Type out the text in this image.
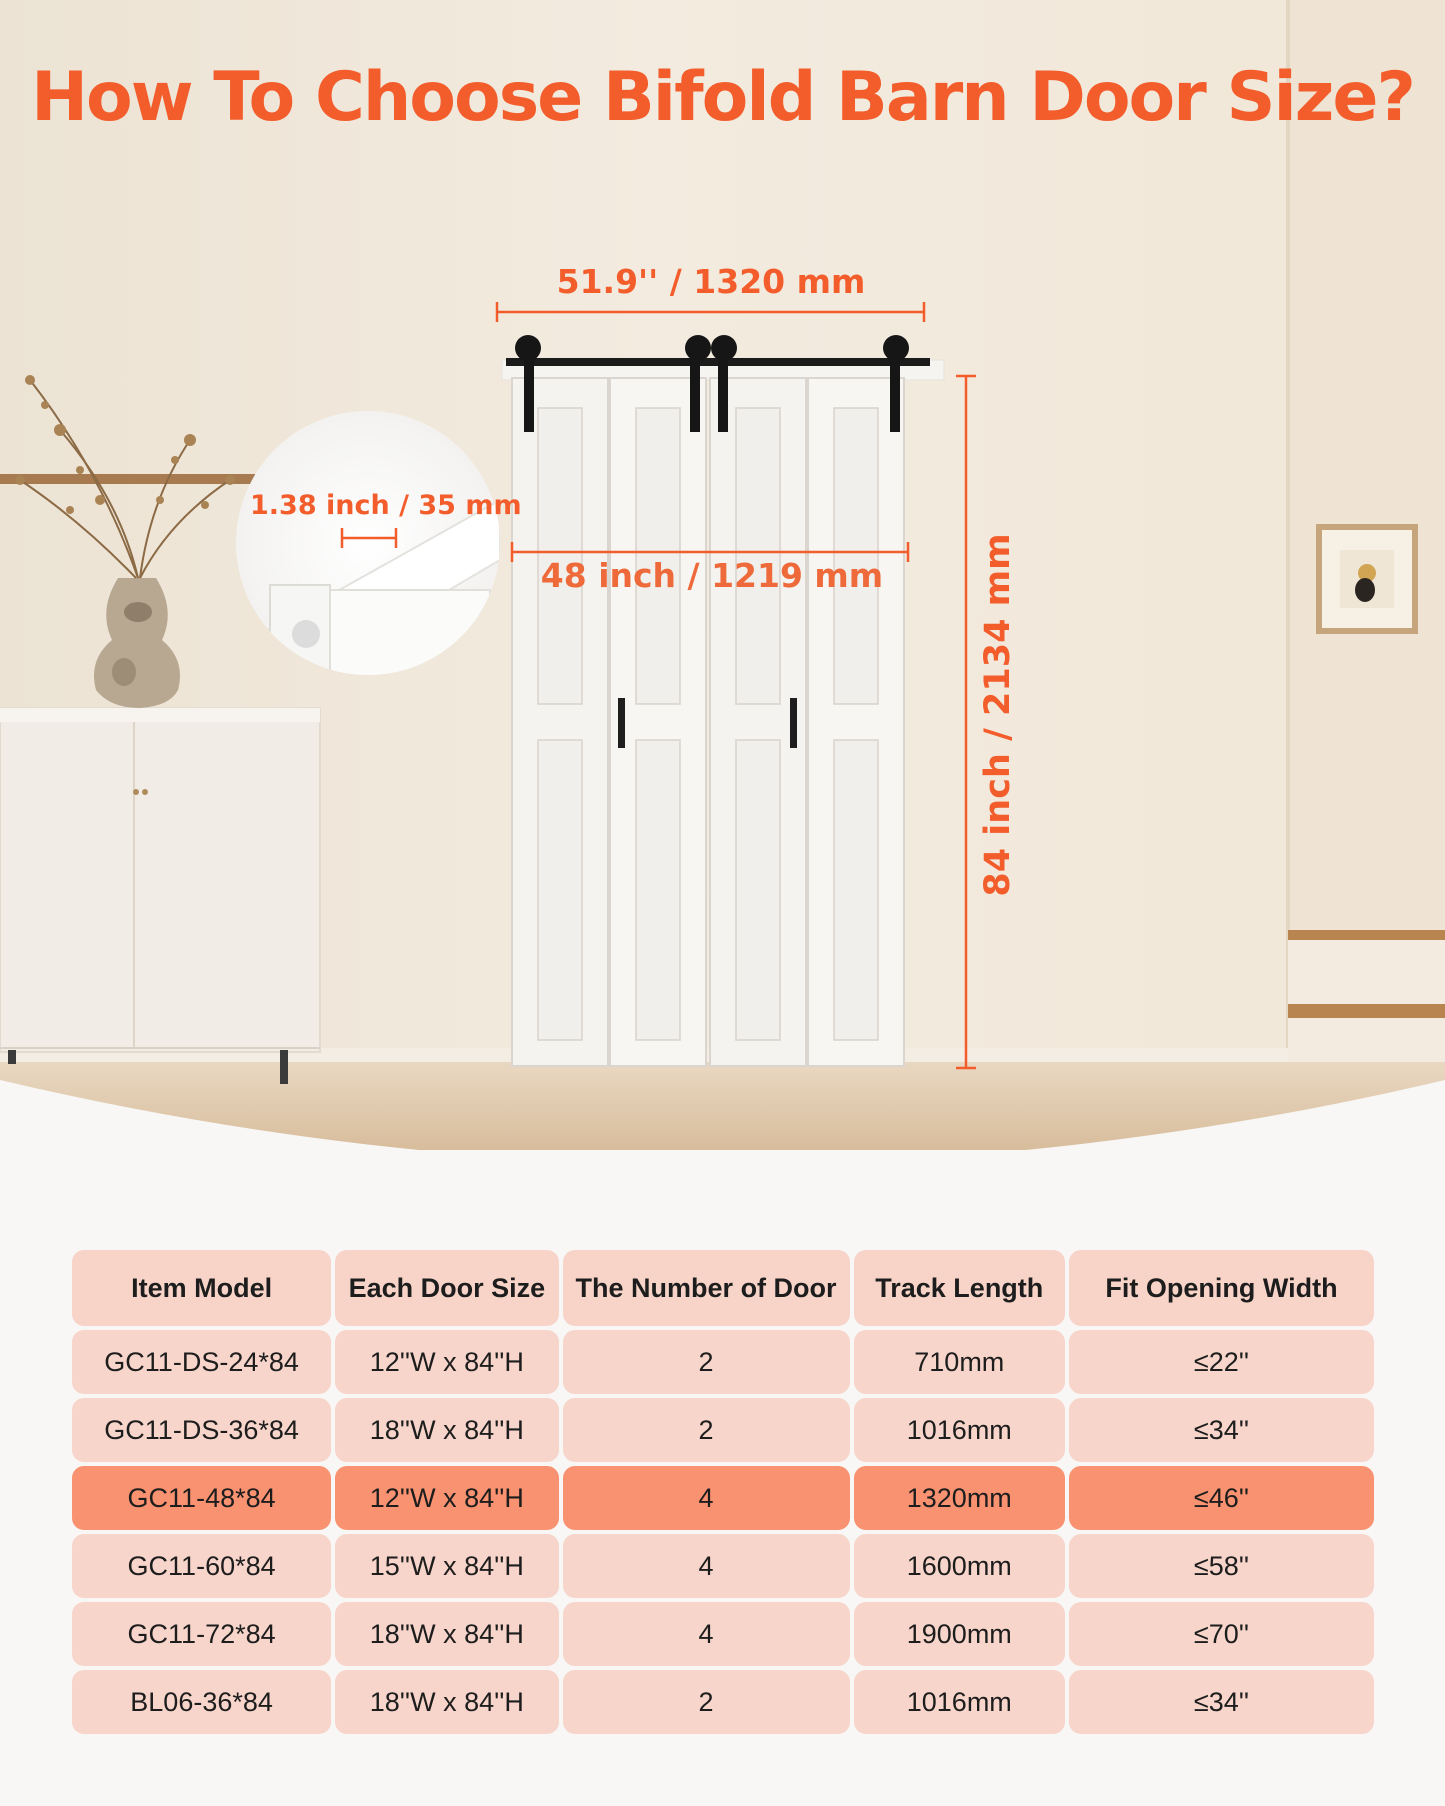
How To Choose Bifold Barn Door Size?
51.9'' / 1320 mm
48 inch / 1219 mm
1.38 inch / 35 mm
84 inch / 2134 mm
Item Model	Each Door Size	The Number of Door	Track Length	Fit Opening Width
GC11-DS-24*84	12''W x 84''H	2	710mm	≤22''
GC11-DS-36*84	18''W x 84''H	2	1016mm	≤34''
GC11-48*84	12''W x 84''H	4	1320mm	≤46''
GC11-60*84	15''W x 84''H	4	1600mm	≤58''
GC11-72*84	18''W x 84''H	4	1900mm	≤70''
BL06-36*84	18''W x 84''H	2	1016mm	≤34''
